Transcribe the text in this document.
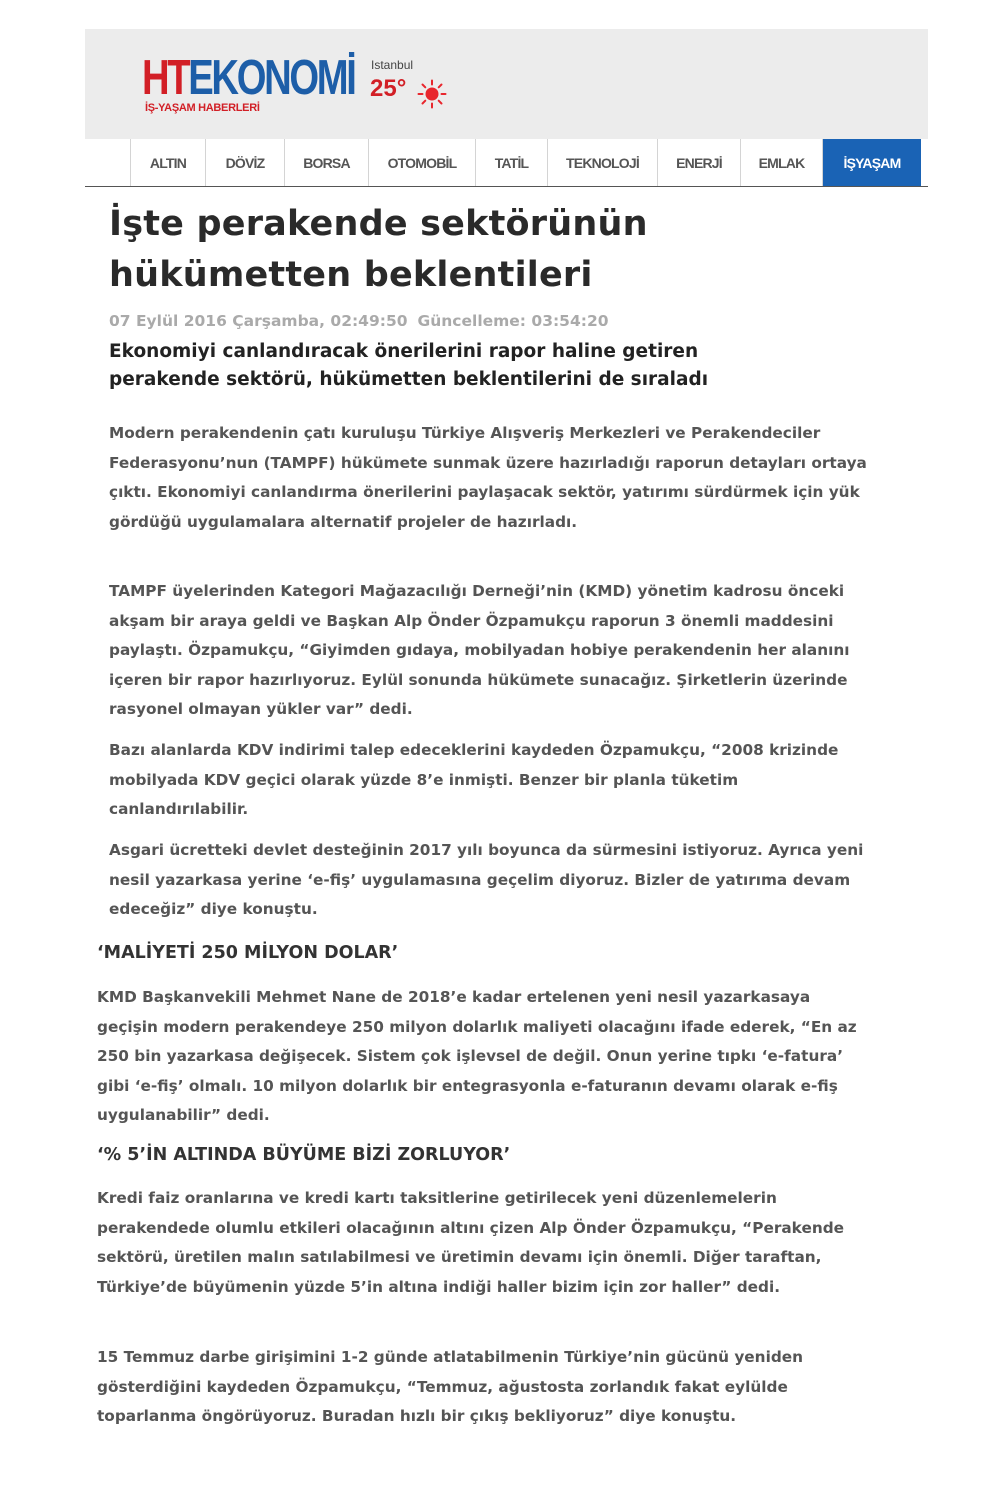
HTEKONOMİ
İŞ-YAŞAM HABERLERİ
Istanbul
25°
ALTIN	DÖVİZ	BORSA	OTOMOBİL	TATİL	TEKNOLOJİ	ENERJİ	EMLAK	İŞYAŞAM
İşte perakende sektörünün hükümetten beklentileri
07 Eylül 2016 Çarşamba, 02:49:50 Güncelleme: 03:54:20
Ekonomiyi canlandıracak önerilerini rapor haline getiren perakende sektörü, hükümetten beklentilerini de sıraladı

Modern perakendenin çatı kuruluşu Türkiye Alışveriş Merkezleri ve Perakendeciler Federasyonu’nun (TAMPF) hükümete sunmak üzere hazırladığı raporun detayları ortaya çıktı. Ekonomiyi canlandırma önerilerini paylaşacak sektör, yatırımı sürdürmek için yük gördüğü uygulamalara alternatif projeler de hazırladı.

TAMPF üyelerinden Kategori Mağazacılığı Derneği’nin (KMD) yönetim kadrosu önceki akşam bir araya geldi ve Başkan Alp Önder Özpamukçu raporun 3 önemli maddesini paylaştı. Özpamukçu, “Giyimden gıdaya, mobilyadan hobiye perakendenin her alanını içeren bir rapor hazırlıyoruz. Eylül sonunda hükümete sunacağız. Şirketlerin üzerinde rasyonel olmayan yükler var” dedi.

Bazı alanlarda KDV indirimi talep edeceklerini kaydeden Özpamukçu, “2008 krizinde mobilyada KDV geçici olarak yüzde 8’e inmişti. Benzer bir planla tüketim canlandırılabilir.

Asgari ücretteki devlet desteğinin 2017 yılı boyunca da sürmesini istiyoruz. Ayrıca yeni nesil yazarkasa yerine ‘e-fiş’ uygulamasına geçelim diyoruz. Bizler de yatırıma devam edeceğiz” diye konuştu.

‘MALİYETİ 250 MİLYON DOLAR’

KMD Başkanvekili Mehmet Nane de 2018’e kadar ertelenen yeni nesil yazarkasaya geçişin modern perakendeye 250 milyon dolarlık maliyeti olacağını ifade ederek, “En az 250 bin yazarkasa değişecek. Sistem çok işlevsel de değil. Onun yerine tıpkı ‘e-fatura’ gibi ‘e-fiş’ olmalı. 10 milyon dolarlık bir entegrasyonla e-faturanın devamı olarak e-fiş uygulanabilir” dedi.

‘% 5’İN ALTINDA BÜYÜME BİZİ ZORLUYOR’

Kredi faiz oranlarına ve kredi kartı taksitlerine getirilecek yeni düzenlemelerin perakendede olumlu etkileri olacağının altını çizen Alp Önder Özpamukçu, “Perakende sektörü, üretilen malın satılabilmesi ve üretimin devamı için önemli. Diğer taraftan, Türkiye’de büyümenin yüzde 5’in altına indiği haller bizim için zor haller” dedi.

15 Temmuz darbe girişimini 1-2 günde atlatabilmenin Türkiye’nin gücünü yeniden gösterdiğini kaydeden Özpamukçu, “Temmuz, ağustosta zorlandık fakat eylülde toparlanma öngörüyoruz. Buradan hızlı bir çıkış bekliyoruz” diye konuştu.
